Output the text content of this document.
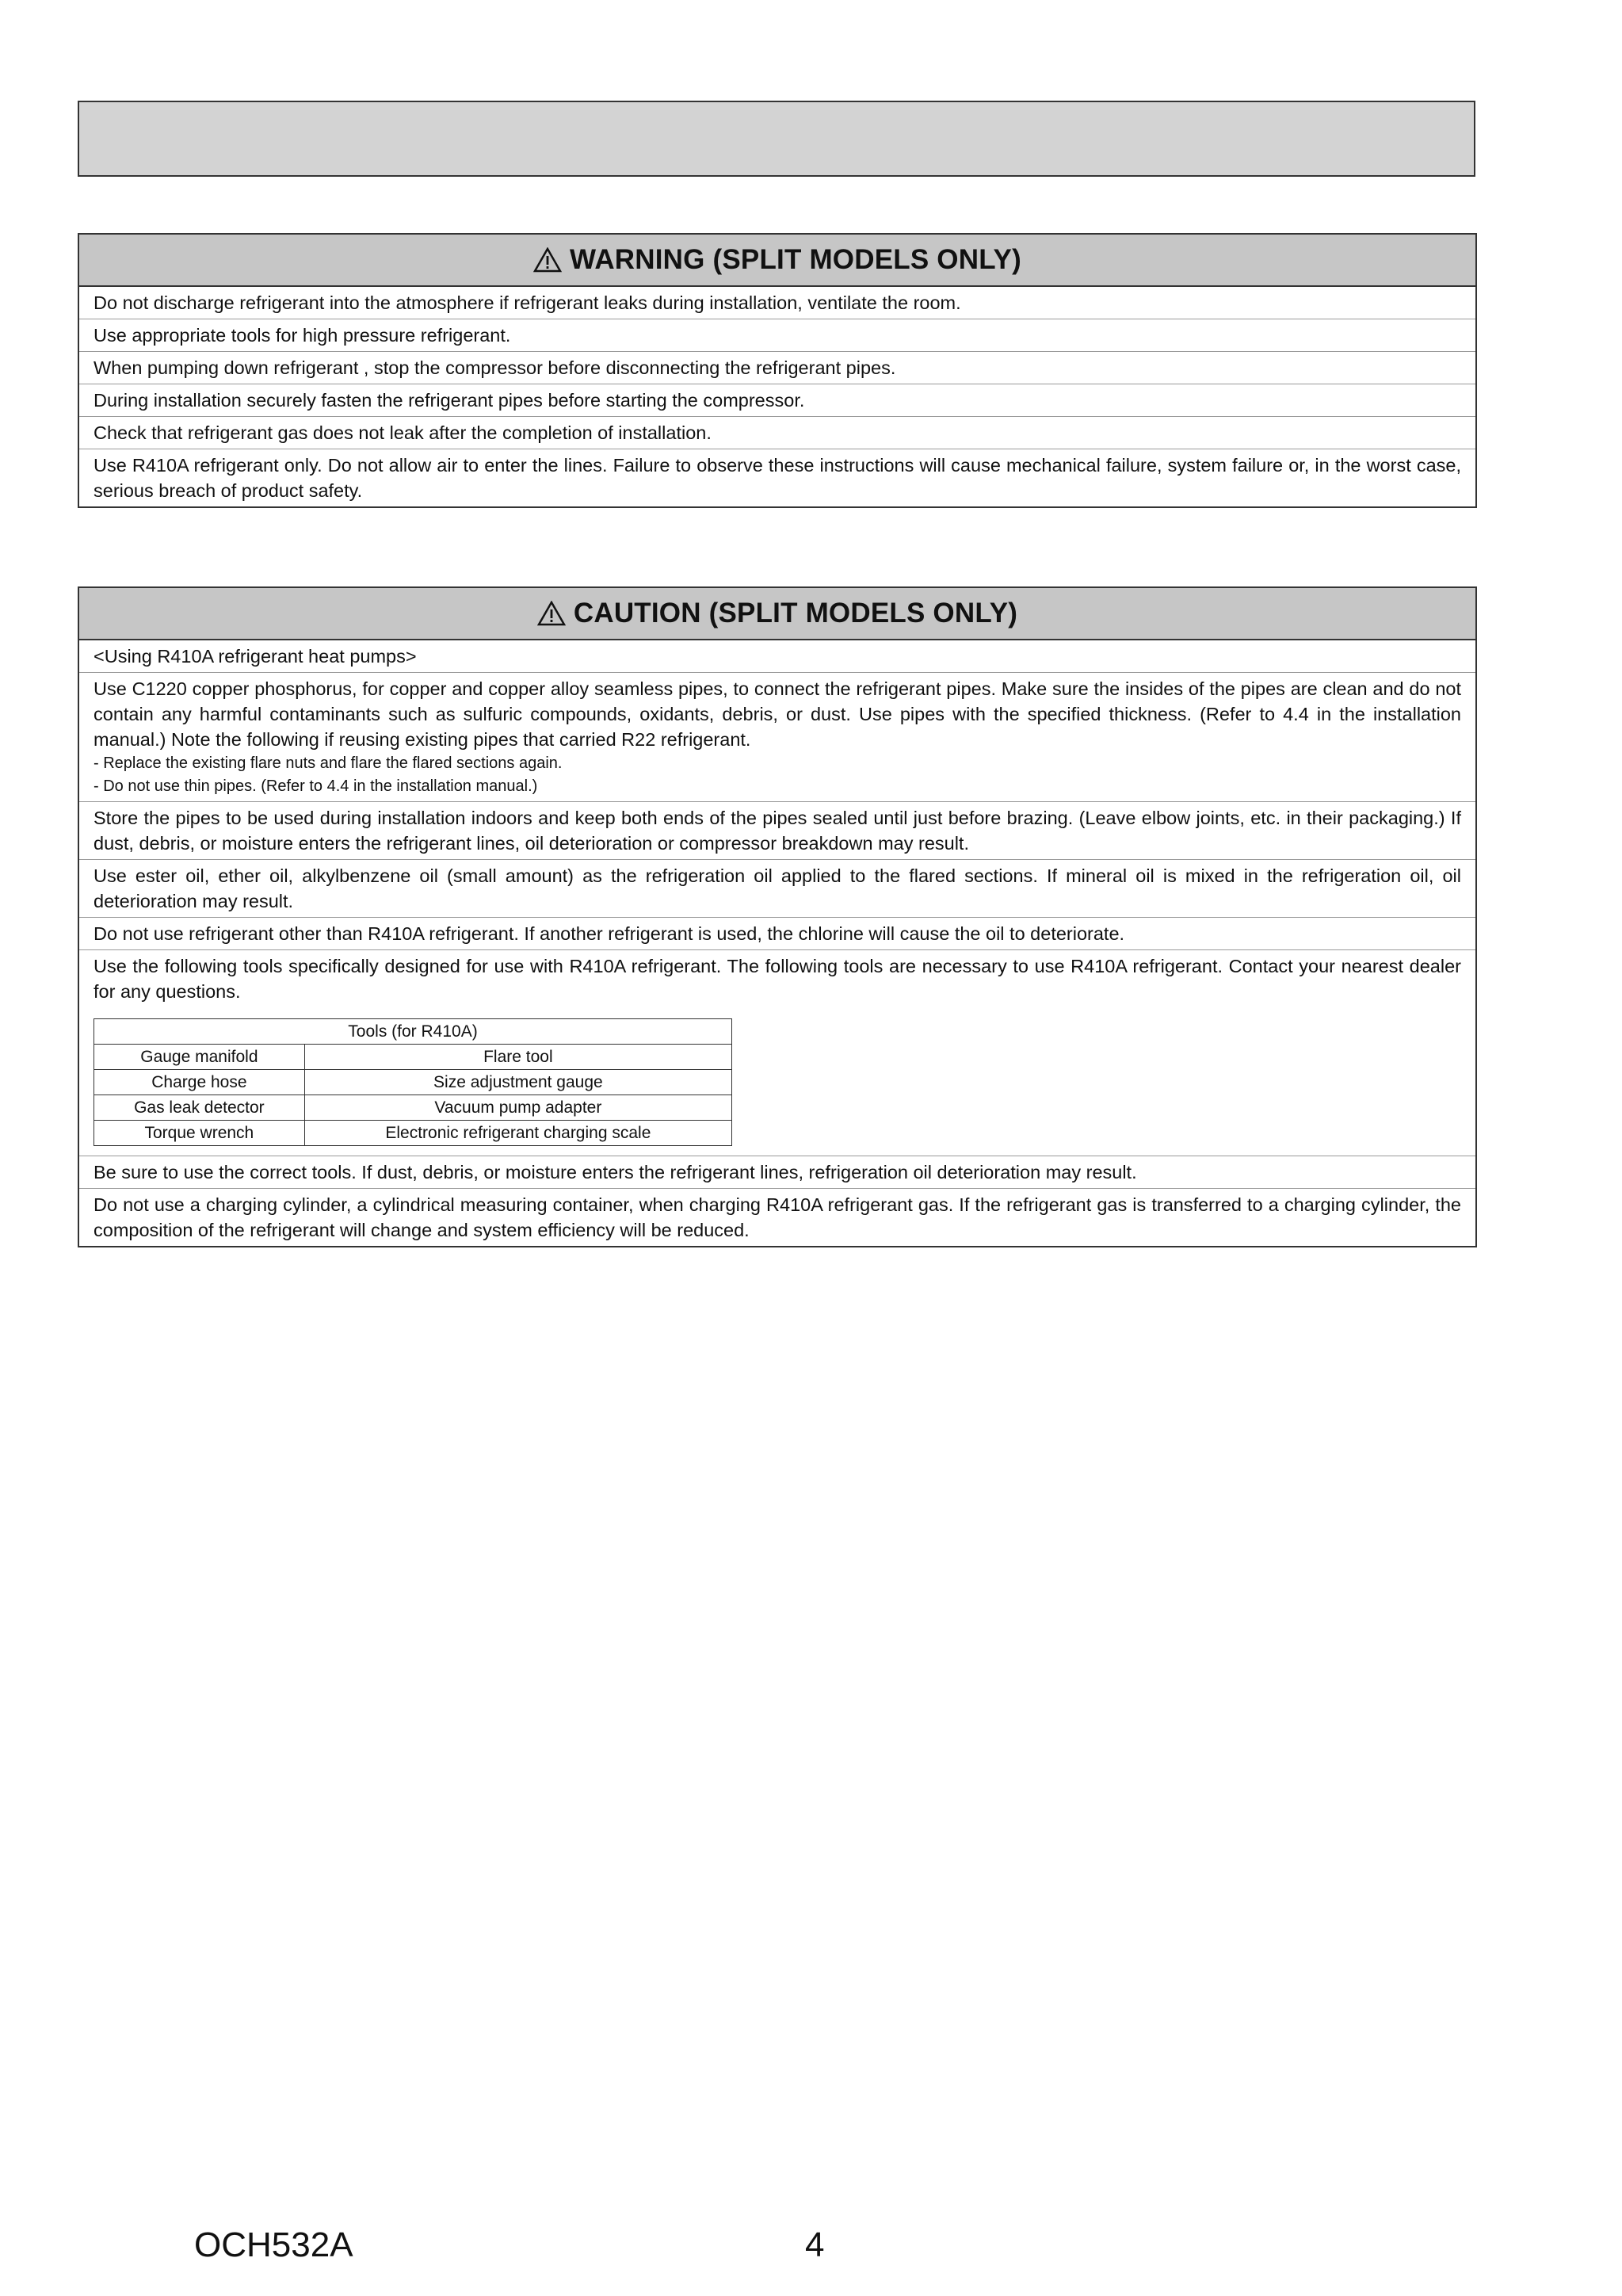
WARNING (SPLIT MODELS ONLY)
Do not discharge refrigerant into the atmosphere if refrigerant leaks during installation, ventilate the room.
Use appropriate tools for high pressure refrigerant.
When pumping down refrigerant , stop the compressor before disconnecting the refrigerant pipes.
During installation securely fasten the refrigerant pipes before starting the compressor.
Check that refrigerant gas does not leak after the completion of installation.
Use R410A refrigerant only. Do not allow air to enter the lines. Failure to observe these instructions will cause mechanical failure, system failure or, in the worst case, serious breach of product safety.
CAUTION (SPLIT MODELS ONLY)
<Using R410A refrigerant heat pumps>
Use C1220 copper phosphorus, for copper and copper alloy seamless pipes, to connect the refrigerant pipes. Make sure the insides of the pipes are clean and do not contain any harmful contaminants such as sulfuric compounds, oxidants, debris, or dust. Use pipes with the specified thickness. (Refer to 4.4 in the installation manual.) Note the following if reusing existing pipes that carried R22 refrigerant.
- Replace the existing flare nuts and flare the flared sections again.
- Do not use thin pipes. (Refer to 4.4 in the installation manual.)
Store the pipes to be used during installation indoors and keep both ends of the pipes sealed until just before brazing. (Leave elbow joints, etc. in their packaging.) If dust, debris, or moisture enters the refrigerant lines, oil deterioration or compressor breakdown may result.
Use ester oil, ether oil, alkylbenzene oil (small amount) as the refrigeration oil applied to the flared sections. If mineral oil is mixed in the refrigeration oil, oil deterioration may result.
Do not use refrigerant other than R410A refrigerant. If another refrigerant is used, the chlorine will cause the oil to deteriorate.
Use the following tools specifically designed for use with R410A refrigerant. The following tools are necessary to use R410A refrigerant. Contact your nearest dealer for any questions.
Tools (for R410A)	
Gauge manifold	Flare tool
Charge hose	Size adjustment gauge
Gas leak detector	Vacuum pump adapter
Torque wrench	Electronic refrigerant charging scale
Be sure to use the correct tools. If dust, debris, or moisture enters the refrigerant lines, refrigeration oil deterioration may result.
Do not use a charging cylinder, a cylindrical measuring container, when charging R410A refrigerant gas. If the refrigerant gas is transferred to a charging cylinder, the composition of the refrigerant will change and system efficiency will be reduced.
OCH532A	4
